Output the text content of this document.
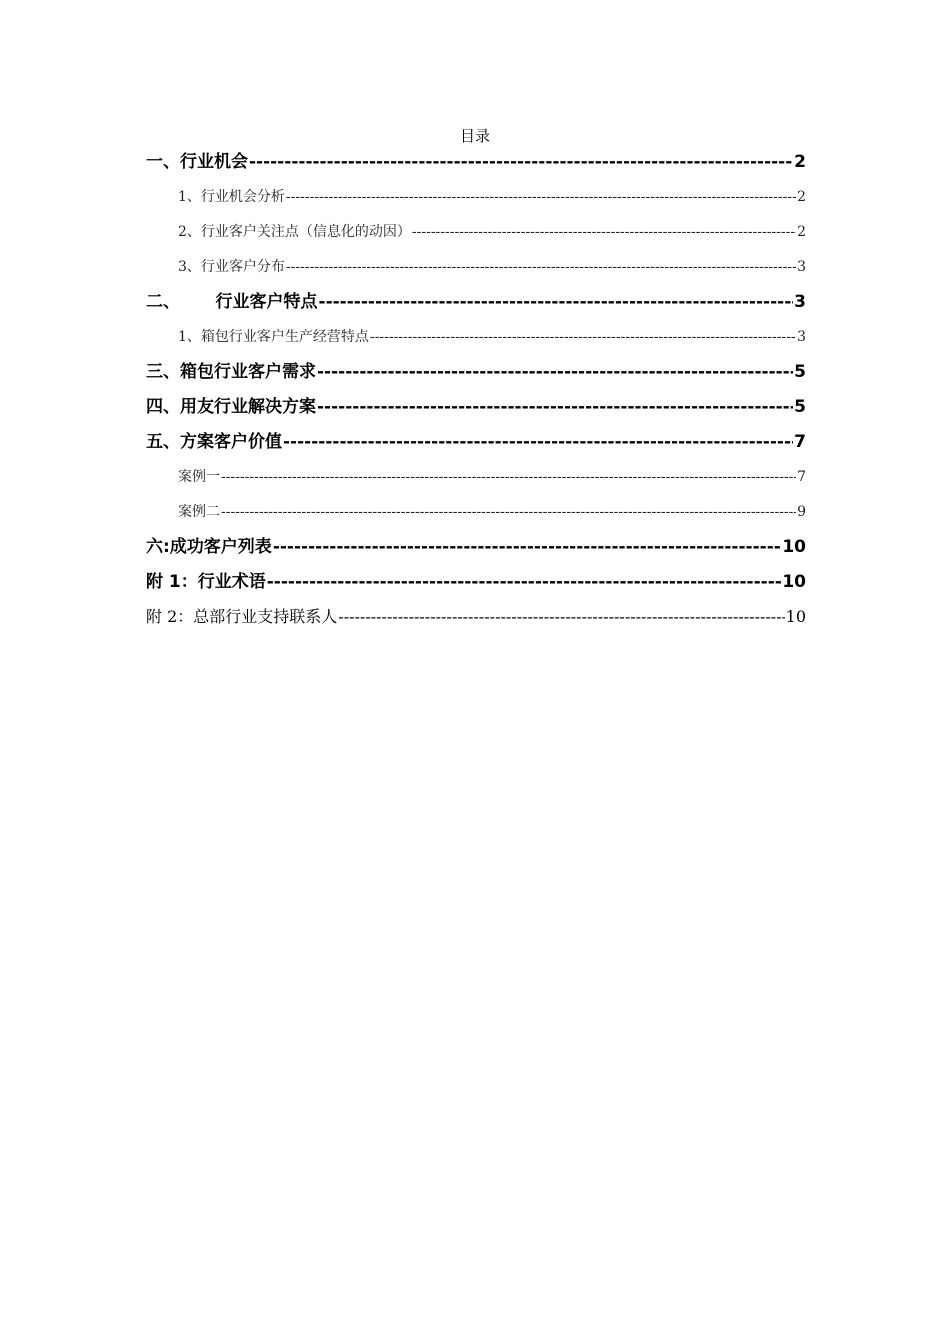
目录
一、行业机会 -----	2
1、行业机会分析 -----	2
2、行业客户关注点（信息化的动因） -----	2
3、行业客户分布 -----	3
二、      行业客户特点 -----	3
1、箱包行业客户生产经营特点 -----	3
三、箱包行业客户需求 -----	5
四、用友行业解决方案 -----	5
五、方案客户价值 -----	7
案例一 -----	7
案例二 -----	9
六:成功客户列表 -----	10
附 1：行业术语 -----	10
附 2：总部行业支持联系人 -----	10
